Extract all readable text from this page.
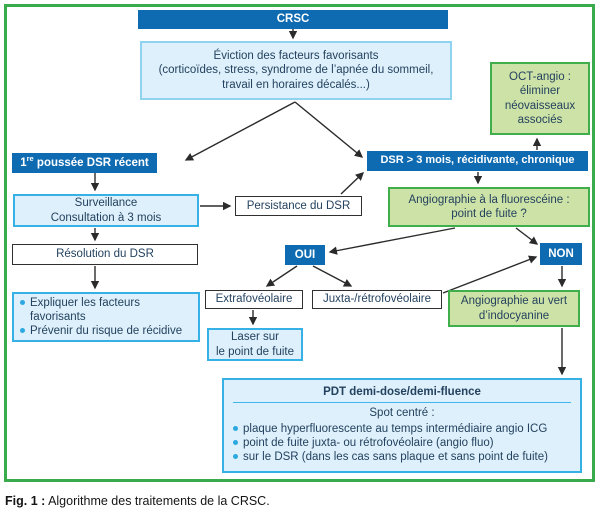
CRSC
Éviction des facteurs favorisants
(corticoïdes, stress, syndrome de l’apnée du sommeil,
travail en horaires décalés...)
OCT-angio :
éliminer
néovaisseaux
associés
1re poussée DSR récent	DSR > 3 mois, récidivante, chronique
Surveillance
Consultation à 3 mois
Persistance du DSR
Angiographie à la fluorescéine :
point de fuite ?
Résolution du DSR	OUI	NON
Expliquer les facteurs favorisants
Prévenir du risque de récidive
Extrafovéolaire	Juxta-/rétrofovéolaire
Laser sur
le point de fuite
Angiographie au vert
d’indocyanine
PDT demi-dose/demi-fluence
Spot centré :
plaque hyperfluorescente au temps intermédiaire angio ICG
point de fuite juxta- ou rétrofovéolaire (angio fluo)
sur le DSR (dans les cas sans plaque et sans point de fuite)
Fig. 1 : Algorithme des traitements de la CRSC.
